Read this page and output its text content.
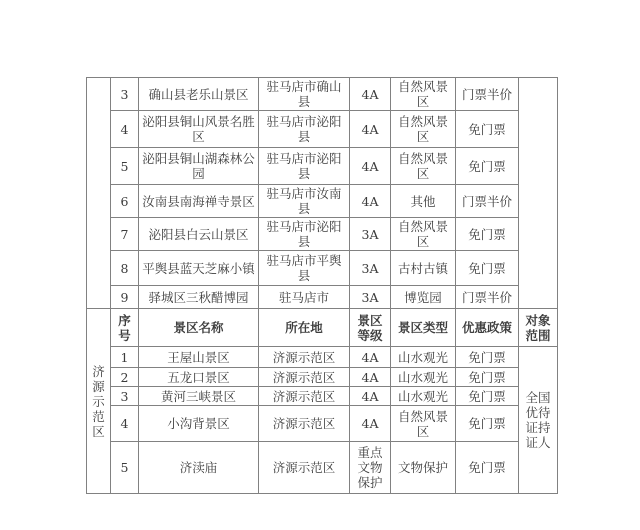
	3	确山县老乐山景区	驻马店市确山县	4A	自然风景区	门票半价	
	4	泌阳县铜山风景名胜区	驻马店市泌阳县	4A	自然风景区	免门票	
	5	泌阳县铜山湖森林公园	驻马店市泌阳县	4A	自然风景区	免门票	
	6	汝南县南海禅寺景区	驻马店市汝南县	4A	其他	门票半价	
	7	泌阳县白云山景区	驻马店市泌阳县	3A	自然风景区	免门票	
	8	平舆县蓝天芝麻小镇	驻马店市平舆县	3A	古村古镇	免门票	
	9	驿城区三秋醋博园	驻马店市	3A	博览园	门票半价	
济源示范区	序号	景区名称	所在地	景区等级	景区类型	优惠政策	对象范围
	1	王屋山景区	济源示范区	4A	山水观光	免门票	全国优待证持证人
	2	五龙口景区	济源示范区	4A	山水观光	免门票	
	3	黄河三峡景区	济源示范区	4A	山水观光	免门票	
	4	小沟背景区	济源示范区	4A	自然风景区	免门票	
	5	济渎庙	济源示范区	重点文物保护	文物保护	免门票	
